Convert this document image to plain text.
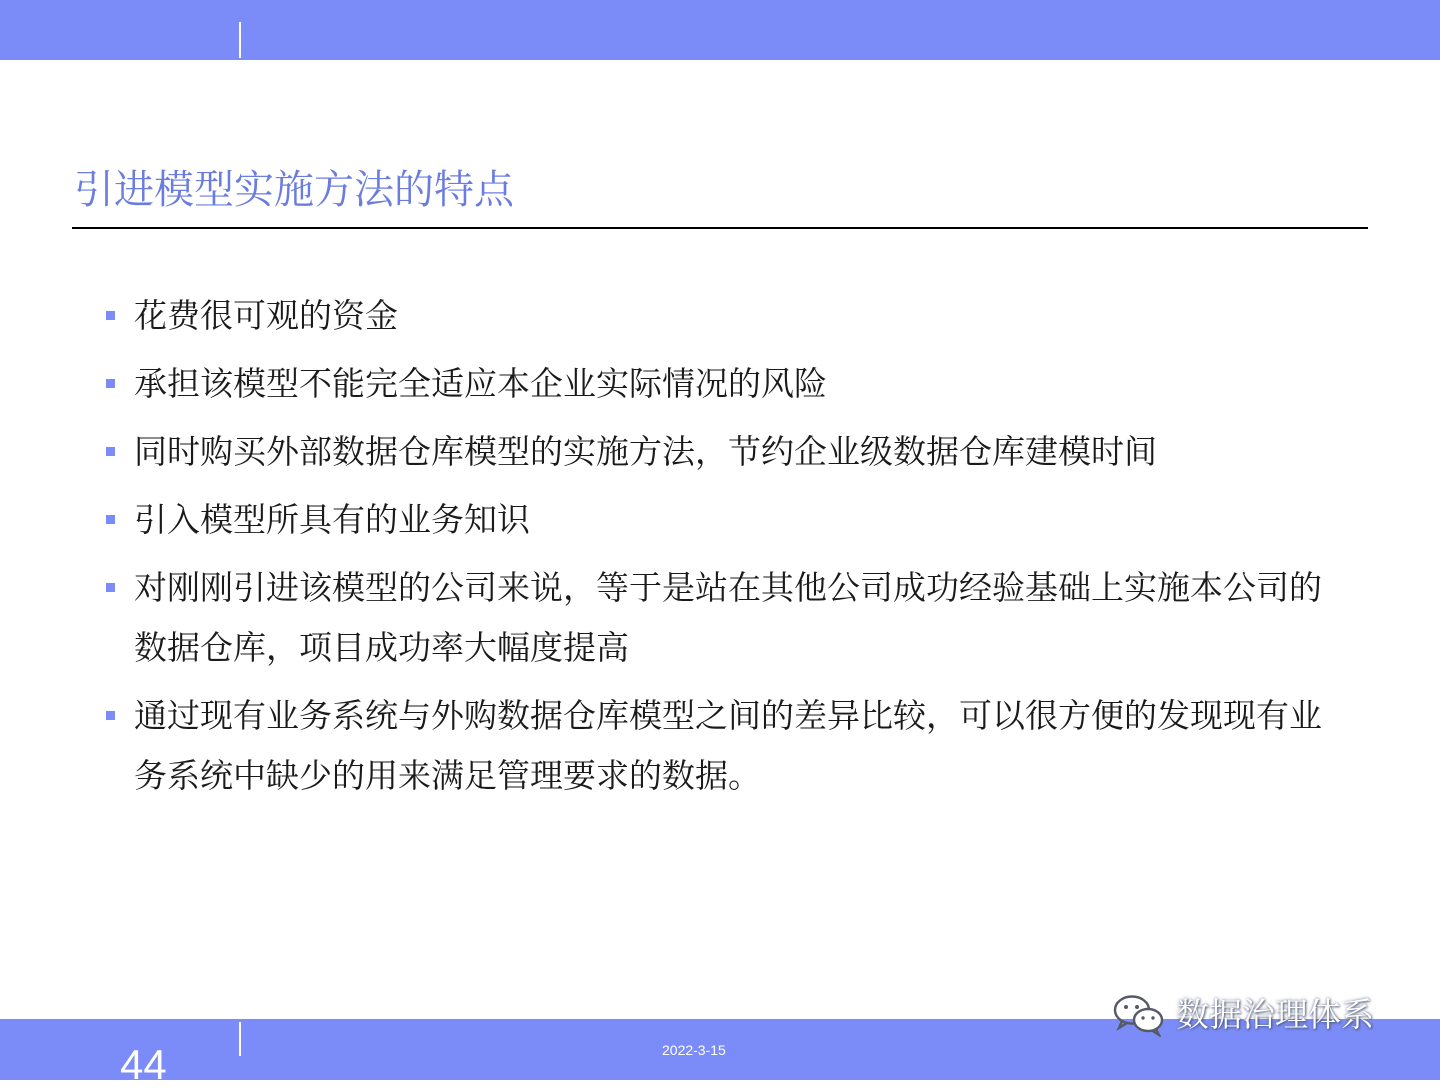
引进模型实施方法的特点
花费很可观的资金
承担该模型不能完全适应本企业实际情况的风险
同时购买外部数据仓库模型的实施方法，节约企业级数据仓库建模时间
引入模型所具有的业务知识
对刚刚引进该模型的公司来说，等于是站在其他公司成功经验基础上实施本公司的数据仓库，项目成功率大幅度提高
通过现有业务系统与外购数据仓库模型之间的差异比较，可以很方便的发现现有业务系统中缺少的用来满足管理要求的数据。
44	2022-3-15
数据治理体系
